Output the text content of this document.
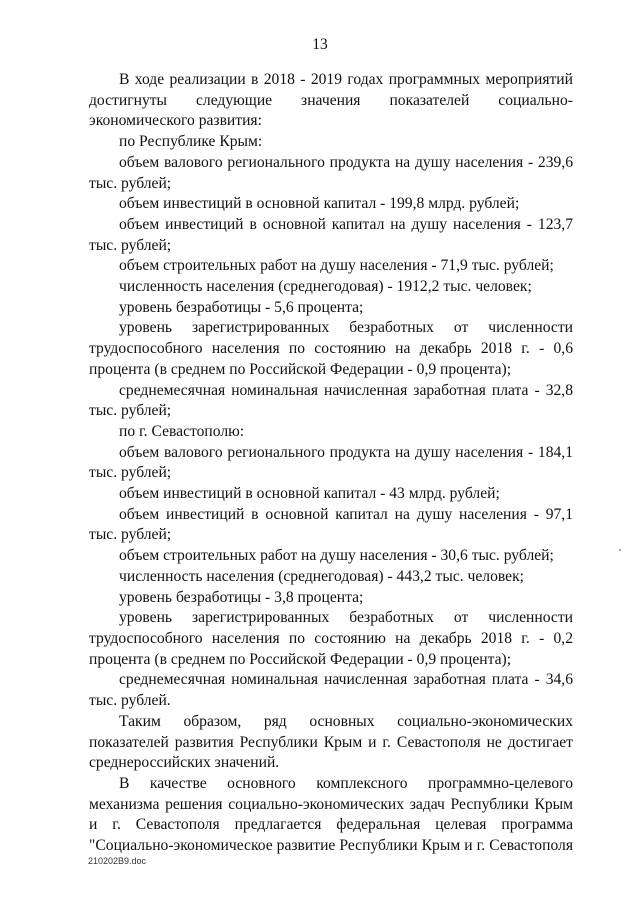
13

В ходе реализации в 2018 - 2019 годах программных мероприятий достигнуты следующие значения показателей социально-экономического развития:

по Республике Крым:

объем валового регионального продукта на душу населения - 239,6 тыс. рублей;

объем инвестиций в основной капитал - 199,8 млрд. рублей;

объем инвестиций в основной капитал на душу населения - 123,7 тыс. рублей;

объем строительных работ на душу населения - 71,9 тыс. рублей;

численность населения (среднегодовая) - 1912,2 тыс. человек;

уровень безработицы - 5,6 процента;

уровень зарегистрированных безработных от численности трудоспособного населения по состоянию на декабрь 2018 г. - 0,6 процента (в среднем по Российской Федерации - 0,9 процента);

среднемесячная номинальная начисленная заработная плата - 32,8 тыс. рублей;

по г. Севастополю:

объем валового регионального продукта на душу населения - 184,1 тыс. рублей;

объем инвестиций в основной капитал - 43 млрд. рублей;

объем инвестиций в основной капитал на душу населения - 97,1 тыс. рублей;

объем строительных работ на душу населения - 30,6 тыс. рублей;

численность населения (среднегодовая) - 443,2 тыс. человек;

уровень безработицы - 3,8 процента;

уровень зарегистрированных безработных от численности трудоспособного населения по состоянию на декабрь 2018 г. - 0,2 процента (в среднем по Российской Федерации - 0,9 процента);

среднемесячная номинальная начисленная заработная плата - 34,6 тыс. рублей.

Таким образом, ряд основных социально-экономических показателей развития Республики Крым и г. Севастополя не достигает среднероссийских значений.

В качестве основного комплексного программно-целевого механизма решения социально-экономических задач Республики Крым и г. Севастополя предлагается федеральная целевая программа "Социально-экономическое развитие Республики Крым и г. Севастополя

210202B9.doc
